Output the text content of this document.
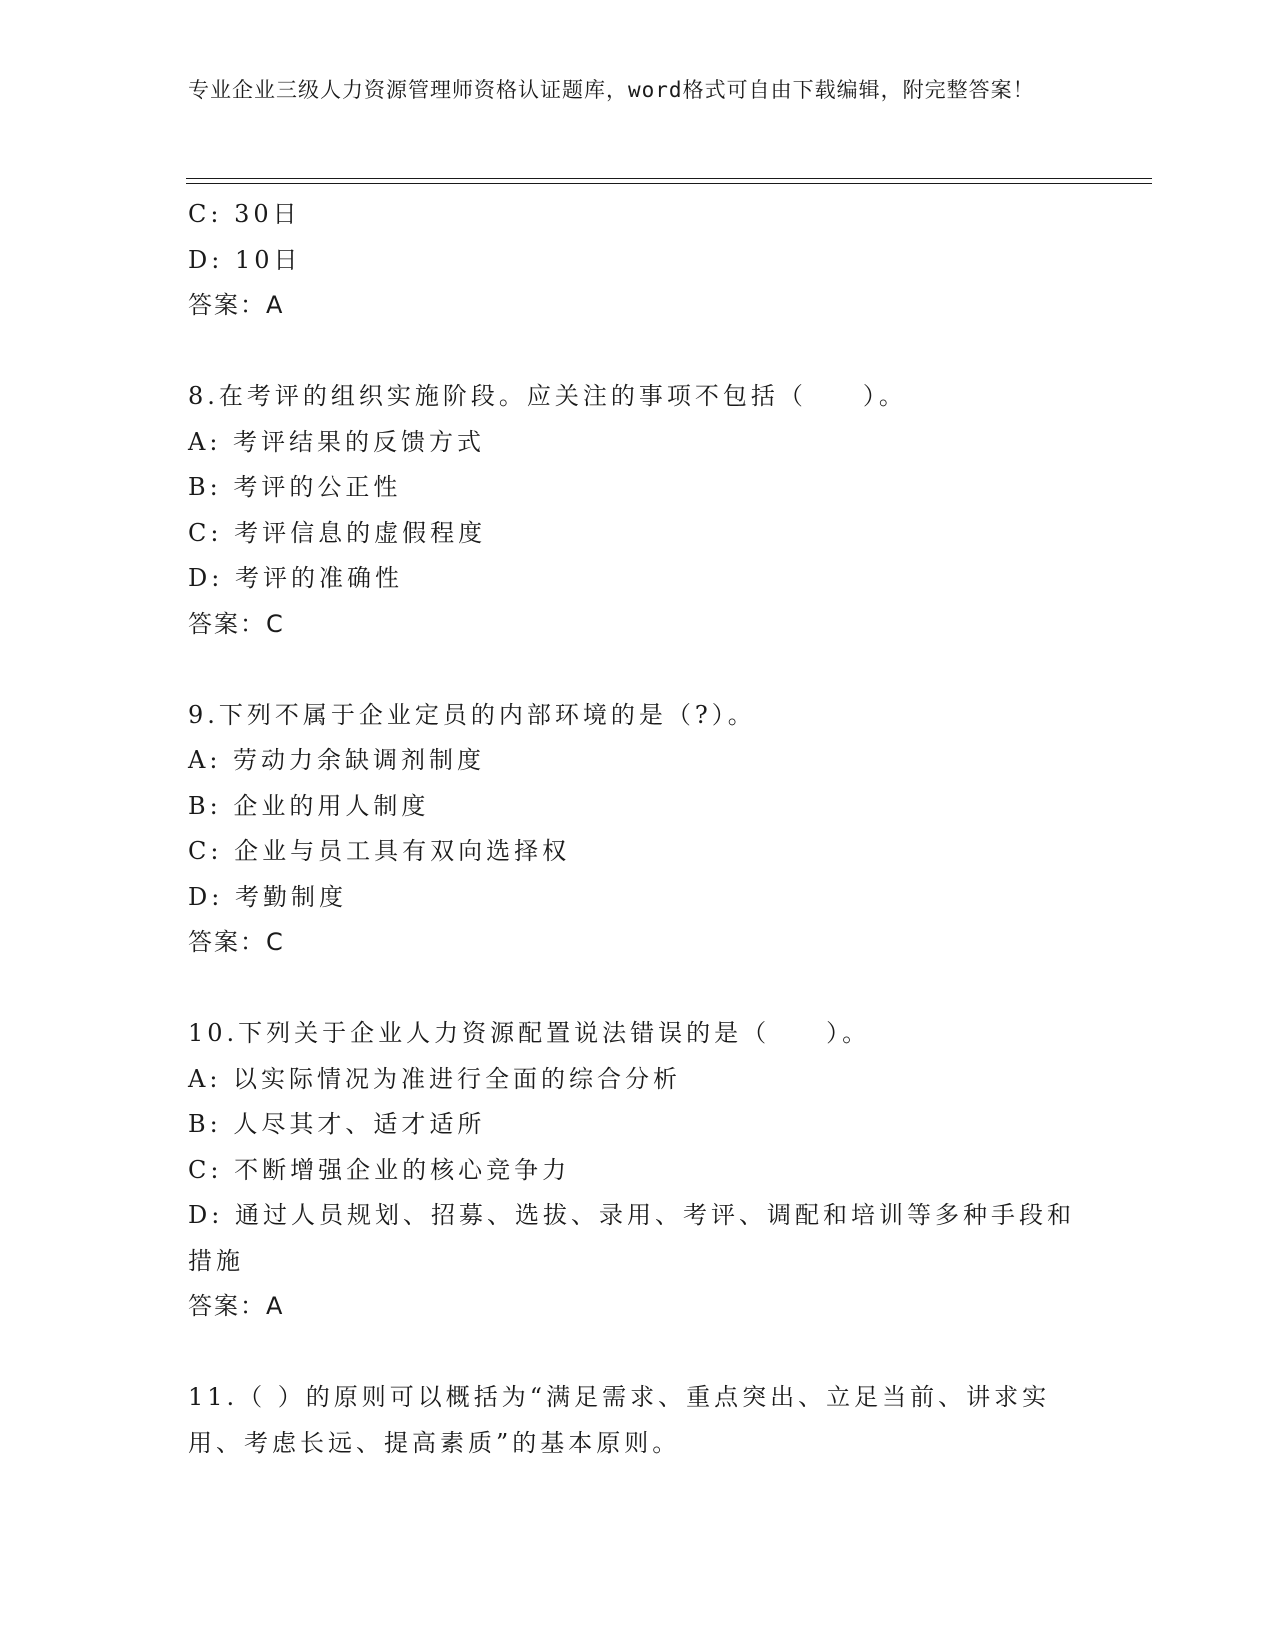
专业企业三级人力资源管理师资格认证题库，word格式可自由下载编辑，附完整答案！
C: 30日
D: 10日
答案：A
8.在考评的组织实施阶段。应关注的事项不包括（　　）。
A: 考评结果的反馈方式
B: 考评的公正性
C: 考评信息的虚假程度
D: 考评的准确性
答案：C
9.下列不属于企业定员的内部环境的是（?）。
A: 劳动力余缺调剂制度
B: 企业的用人制度
C: 企业与员工具有双向选择权
D: 考勤制度
答案：C
10.下列关于企业人力资源配置说法错误的是（　　）。
A: 以实际情况为准进行全面的综合分析
B: 人尽其才、适才适所
C: 不断增强企业的核心竞争力
D: 通过人员规划、招募、选拔、录用、考评、调配和培训等多种手段和措施
答案：A
11.（ ）的原则可以概括为“满足需求、重点突出、立足当前、讲求实用、考虑长远、提高素质”的基本原则。
